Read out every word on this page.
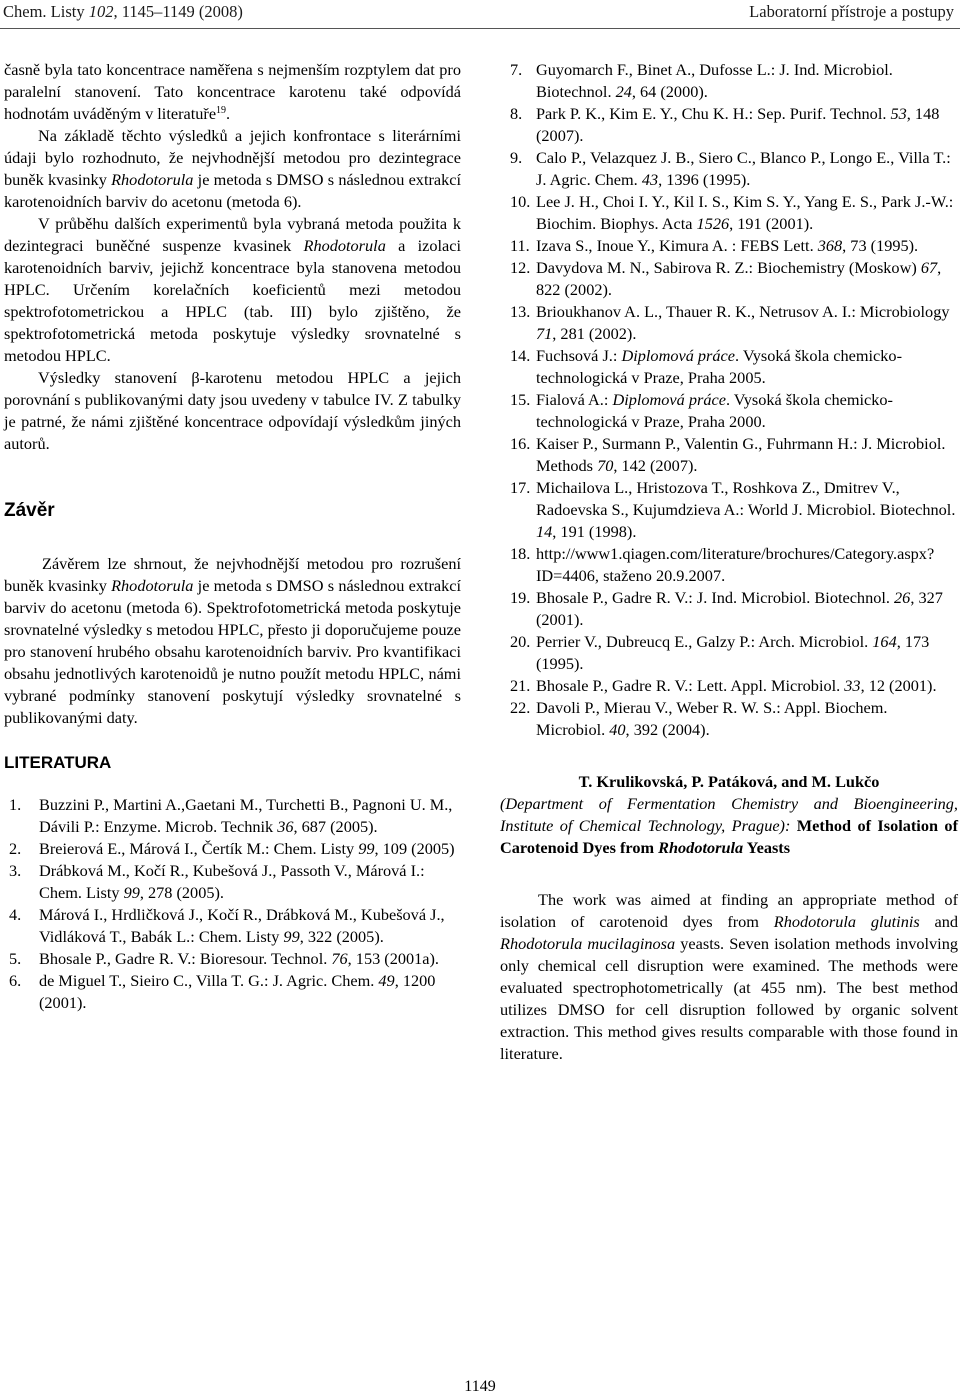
Chem. Listy 102, 1145–1149 (2008)	Laboratorní přístroje a postupy

časně byla tato koncentrace naměřena s nejmenším rozptylem dat pro paralelní stanovení. Tato koncentrace karotenu také odpovídá hodnotám uváděným v literatuře$^{19}$.

Na základě těchto výsledků a jejich konfrontace s literárními údaji bylo rozhodnuto, že nejvhodnější metodou pro dezintegrace buněk kvasinky Rhodotorula je metoda s DMSO s následnou extrakcí karotenoidních barviv do acetonu (metoda 6).

V průběhu dalších experimentů byla vybraná metoda použita k dezintegraci buněčné suspenze kvasinek Rhodotorula a izolaci karotenoidních barviv, jejichž koncentrace byla stanovena metodou HPLC. Určením korelačních koeficientů mezi metodou spektrofotometrickou a HPLC (tab. III) bylo zjištěno, že spektrofotometrická metoda poskytuje výsledky srovnatelné s metodou HPLC.

Výsledky stanovení β-karotenu metodou HPLC a jejich porovnání s publikovanými daty jsou uvedeny v tabulce IV. Z tabulky je patrné, že námi zjištěné koncentrace odpovídají výsledkům jiných autorů.

Závěr

Závěrem lze shrnout, že nejvhodnější metodou pro rozrušení buněk kvasinky Rhodotorula je metoda s DMSO s následnou extrakcí barviv do acetonu (metoda 6). Spektrofotometrická metoda poskytuje srovnatelné výsledky s metodou HPLC, přesto ji doporučujeme pouze pro stanovení hrubého obsahu karotenoidních barviv. Pro kvantifikaci obsahu jednotlivých karotenoidů je nutno použít metodu HPLC, námi vybrané podmínky stanovení poskytují výsledky srovnatelné s publikovanými daty.

LITERATURA
1. Buzzini P., Martini A.,Gaetani M., Turchetti B., Pagnoni U. M., Dávili P.: Enzyme. Microb. Technik 36, 687 (2005).
2. Breierová E., Márová I., Čertík M.: Chem. Listy 99, 109 (2005)
3. Drábková M., Kočí R., Kubešová J., Passoth V., Márová I.: Chem. Listy 99, 278 (2005).
4. Márová I., Hrdličková J., Kočí R., Drábková M., Kubešová J., Vidláková T., Babák L.: Chem. Listy 99, 322 (2005).
5. Bhosale P., Gadre R. V.: Bioresour. Technol. 76, 153 (2001a).
6. de Miguel T., Sieiro C., Villa T. G.: J. Agric. Chem. 49, 1200 (2001).
7. Guyomarch F., Binet A., Dufosse L.: J. Ind. Microbiol. Biotechnol. 24, 64 (2000).
8. Park P. K., Kim E. Y., Chu K. H.: Sep. Purif. Technol. 53, 148 (2007).
9. Calo P., Velazquez J. B., Siero C., Blanco P., Longo E., Villa T.: J. Agric. Chem. 43, 1396 (1995).
10. Lee J. H., Choi I. Y., Kil I. S., Kim S. Y., Yang E. S., Park J.-W.: Biochim. Biophys. Acta 1526, 191 (2001).
11. Izava S., Inoue Y., Kimura A. : FEBS Lett. 368, 73 (1995).
12. Davydova M. N., Sabirova R. Z.: Biochemistry (Moskow) 67, 822 (2002).
13. Brioukhanov A. L., Thauer R. K., Netrusov A. I.: Microbiology 71, 281 (2002).
14. Fuchsová J.: Diplomová práce. Vysoká škola chemicko-technologická v Praze, Praha 2005.
15. Fialová A.: Diplomová práce. Vysoká škola chemicko-technologická v Praze, Praha 2000.
16. Kaiser P., Surmann P., Valentin G., Fuhrmann H.: J. Microbiol. Methods 70, 142 (2007).
17. Michailova L., Hristozova T., Roshkova Z., Dmitrev V., Radoevska S., Kujumdzieva A.: World J. Microbiol. Biotechnol. 14, 191 (1998).
18. http://www1.qiagen.com/literature/brochures/Category.aspx?ID=4406, staženo 20.9.2007.
19. Bhosale P., Gadre R. V.: J. Ind. Microbiol. Biotechnol. 26, 327 (2001).
20. Perrier V., Dubreucq E., Galzy P.: Arch. Microbiol. 164, 173 (1995).
21. Bhosale P., Gadre R. V.: Lett. Appl. Microbiol. 33, 12 (2001).
22. Davoli P., Mierau V., Weber R. W. S.: Appl. Biochem. Microbiol. 40, 392 (2004).

T. Krulikovská, P. Patáková, and M. Lukčo

(Department of Fermentation Chemistry and Bioengineering, Institute of Chemical Technology, Prague): Method of Isolation of Carotenoid Dyes from Rhodotorula Yeasts

The work was aimed at finding an appropriate method of isolation of carotenoid dyes from Rhodotorula glutinis and Rhodotorula mucilaginosa yeasts. Seven isolation methods involving only chemical cell disruption were examined. The methods were evaluated spectrophotometrically (at 455 nm). The best method utilizes DMSO for cell disruption followed by organic solvent extraction. This method gives results comparable with those found in literature.

1149
